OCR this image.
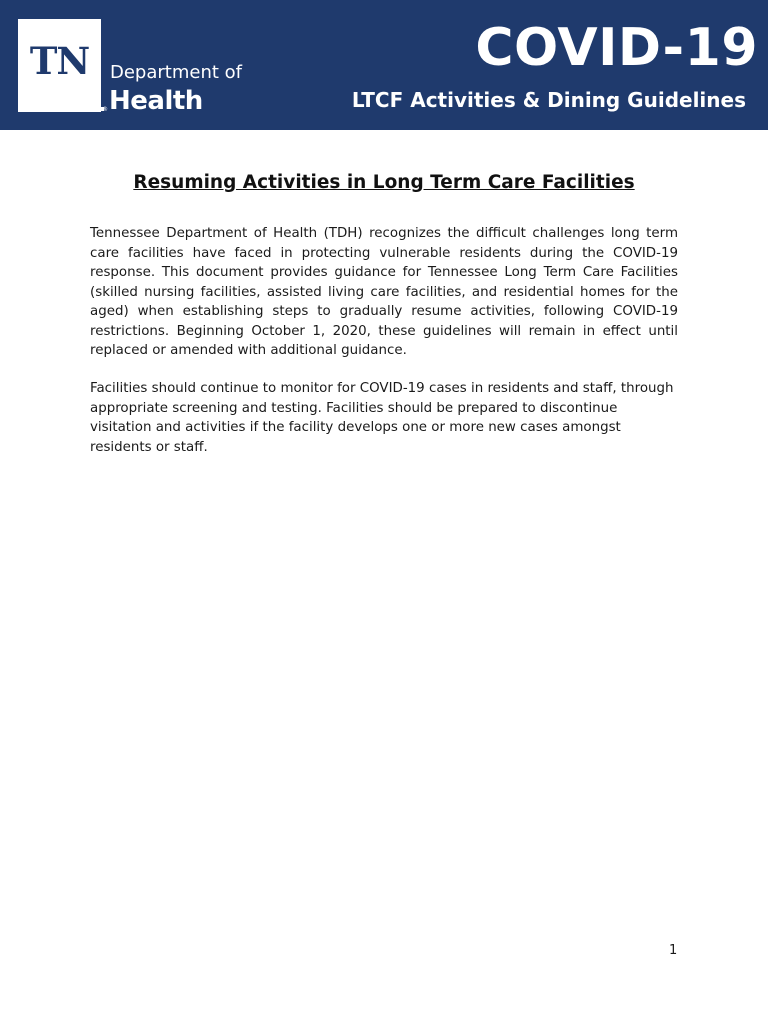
TN
®
Department of
Health
COVID-19
LTCF Activities & Dining Guidelines
Resuming Activities in Long Term Care Facilities

Tennessee Department of Health (TDH) recognizes the difficult challenges long term care facilities have faced in protecting vulnerable residents during the COVID-19 response. This document provides guidance for Tennessee Long Term Care Facilities (skilled nursing facilities, assisted living care facilities, and residential homes for the aged) when establishing steps to gradually resume activities, following COVID-19 restrictions. Beginning October 1, 2020, these guidelines will remain in effect until replaced or amended with additional guidance.

Facilities should continue to monitor for COVID-19 cases in residents and staff, through appropriate screening and testing. Facilities should be prepared to discontinue visitation and activities if the facility develops one or more new cases amongst residents or staff.

1
